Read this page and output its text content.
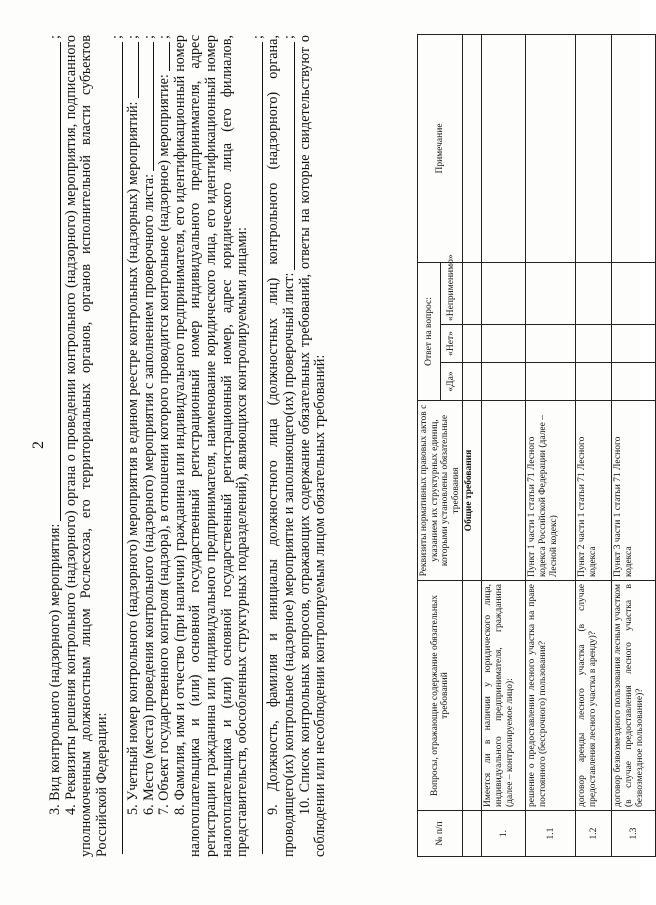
2
3. Вид контрольного (надзорного) мероприятия:
; 4. Реквизиты решения контрольного (надзорного) органа о проведении контрольного (надзорного) мероприятия, подписанного уполномоченным должностным лицом Рослесхоза, его территориальных органов, органов исполнительной власти субъектов Российской Федерации:

;
5. Учетный номер контрольного (надзорного) мероприятия в едином реестре контрольных (надзорных) мероприятий:
;
6. Место (места) проведения контрольного (надзорного) мероприятия с заполнением проверочного листа:
;
7. Объект государственного контроля (надзора), в отношении которого проводится контрольное (надзорное) мероприятие:
; 8. Фамилия, имя и отчество (при наличии) гражданина или индивидуального предпринимателя, его идентификационный номер налогоплательщика и (или) основной государственный регистрационный номер индивидуального предпринимателя, адрес регистрации гражданина или индивидуального предпринимателя, наименование юридического лица, его идентификационный номер налогоплательщика и (или) основной государственный регистрационный номер, адрес юридического лица (его филиалов, представительств, обособленных структурных подразделений), являющихся контролируемыми лицами:

; 9. Должность, фамилия и инициалы должностного лица (должностных лиц) контрольного (надзорного) органа, проводящего(их) контрольное (надзорное) мероприятие и заполняющего(их) проверочный лист:
; 10. Список контрольных вопросов, отражающих содержание обязательных требований, ответы на которые свидетельствуют о соблюдении или несоблюдении контролируемым лицом обязательных требований:	№ п/п	Вопросы, отражающие содержание обязательных требований	Реквизиты нормативных правовых актов с указанием их структурных единиц, которыми установлены обязательные требования	Ответ на вопрос:			Примечание
			«Да»	«Нет»	«Неприменимо»	
		Общие требования				
1.	Имеется ли в наличии у юридического лица, индивидуального предпринимателя, гражданина (далее – контролируемое лицо):					
1.1	решение о предоставлении лесного участка на праве постоянного (бессрочного) пользования?	Пункт 1 части 1 статьи 71 Лесного кодекса Российской Федерации (далее – Лесной кодекс)				
1.2	договор аренды лесного участка (в случае предоставления лесного участка в аренду)?	Пункт 2 части 1 статьи 71 Лесного кодекса				
1.3	договор безвозмездного пользования лесным участком (в случае предоставления лесного участка в безвозмездное пользование)?	Пункт 3 части 1 статьи 71 Лесного кодекса				
